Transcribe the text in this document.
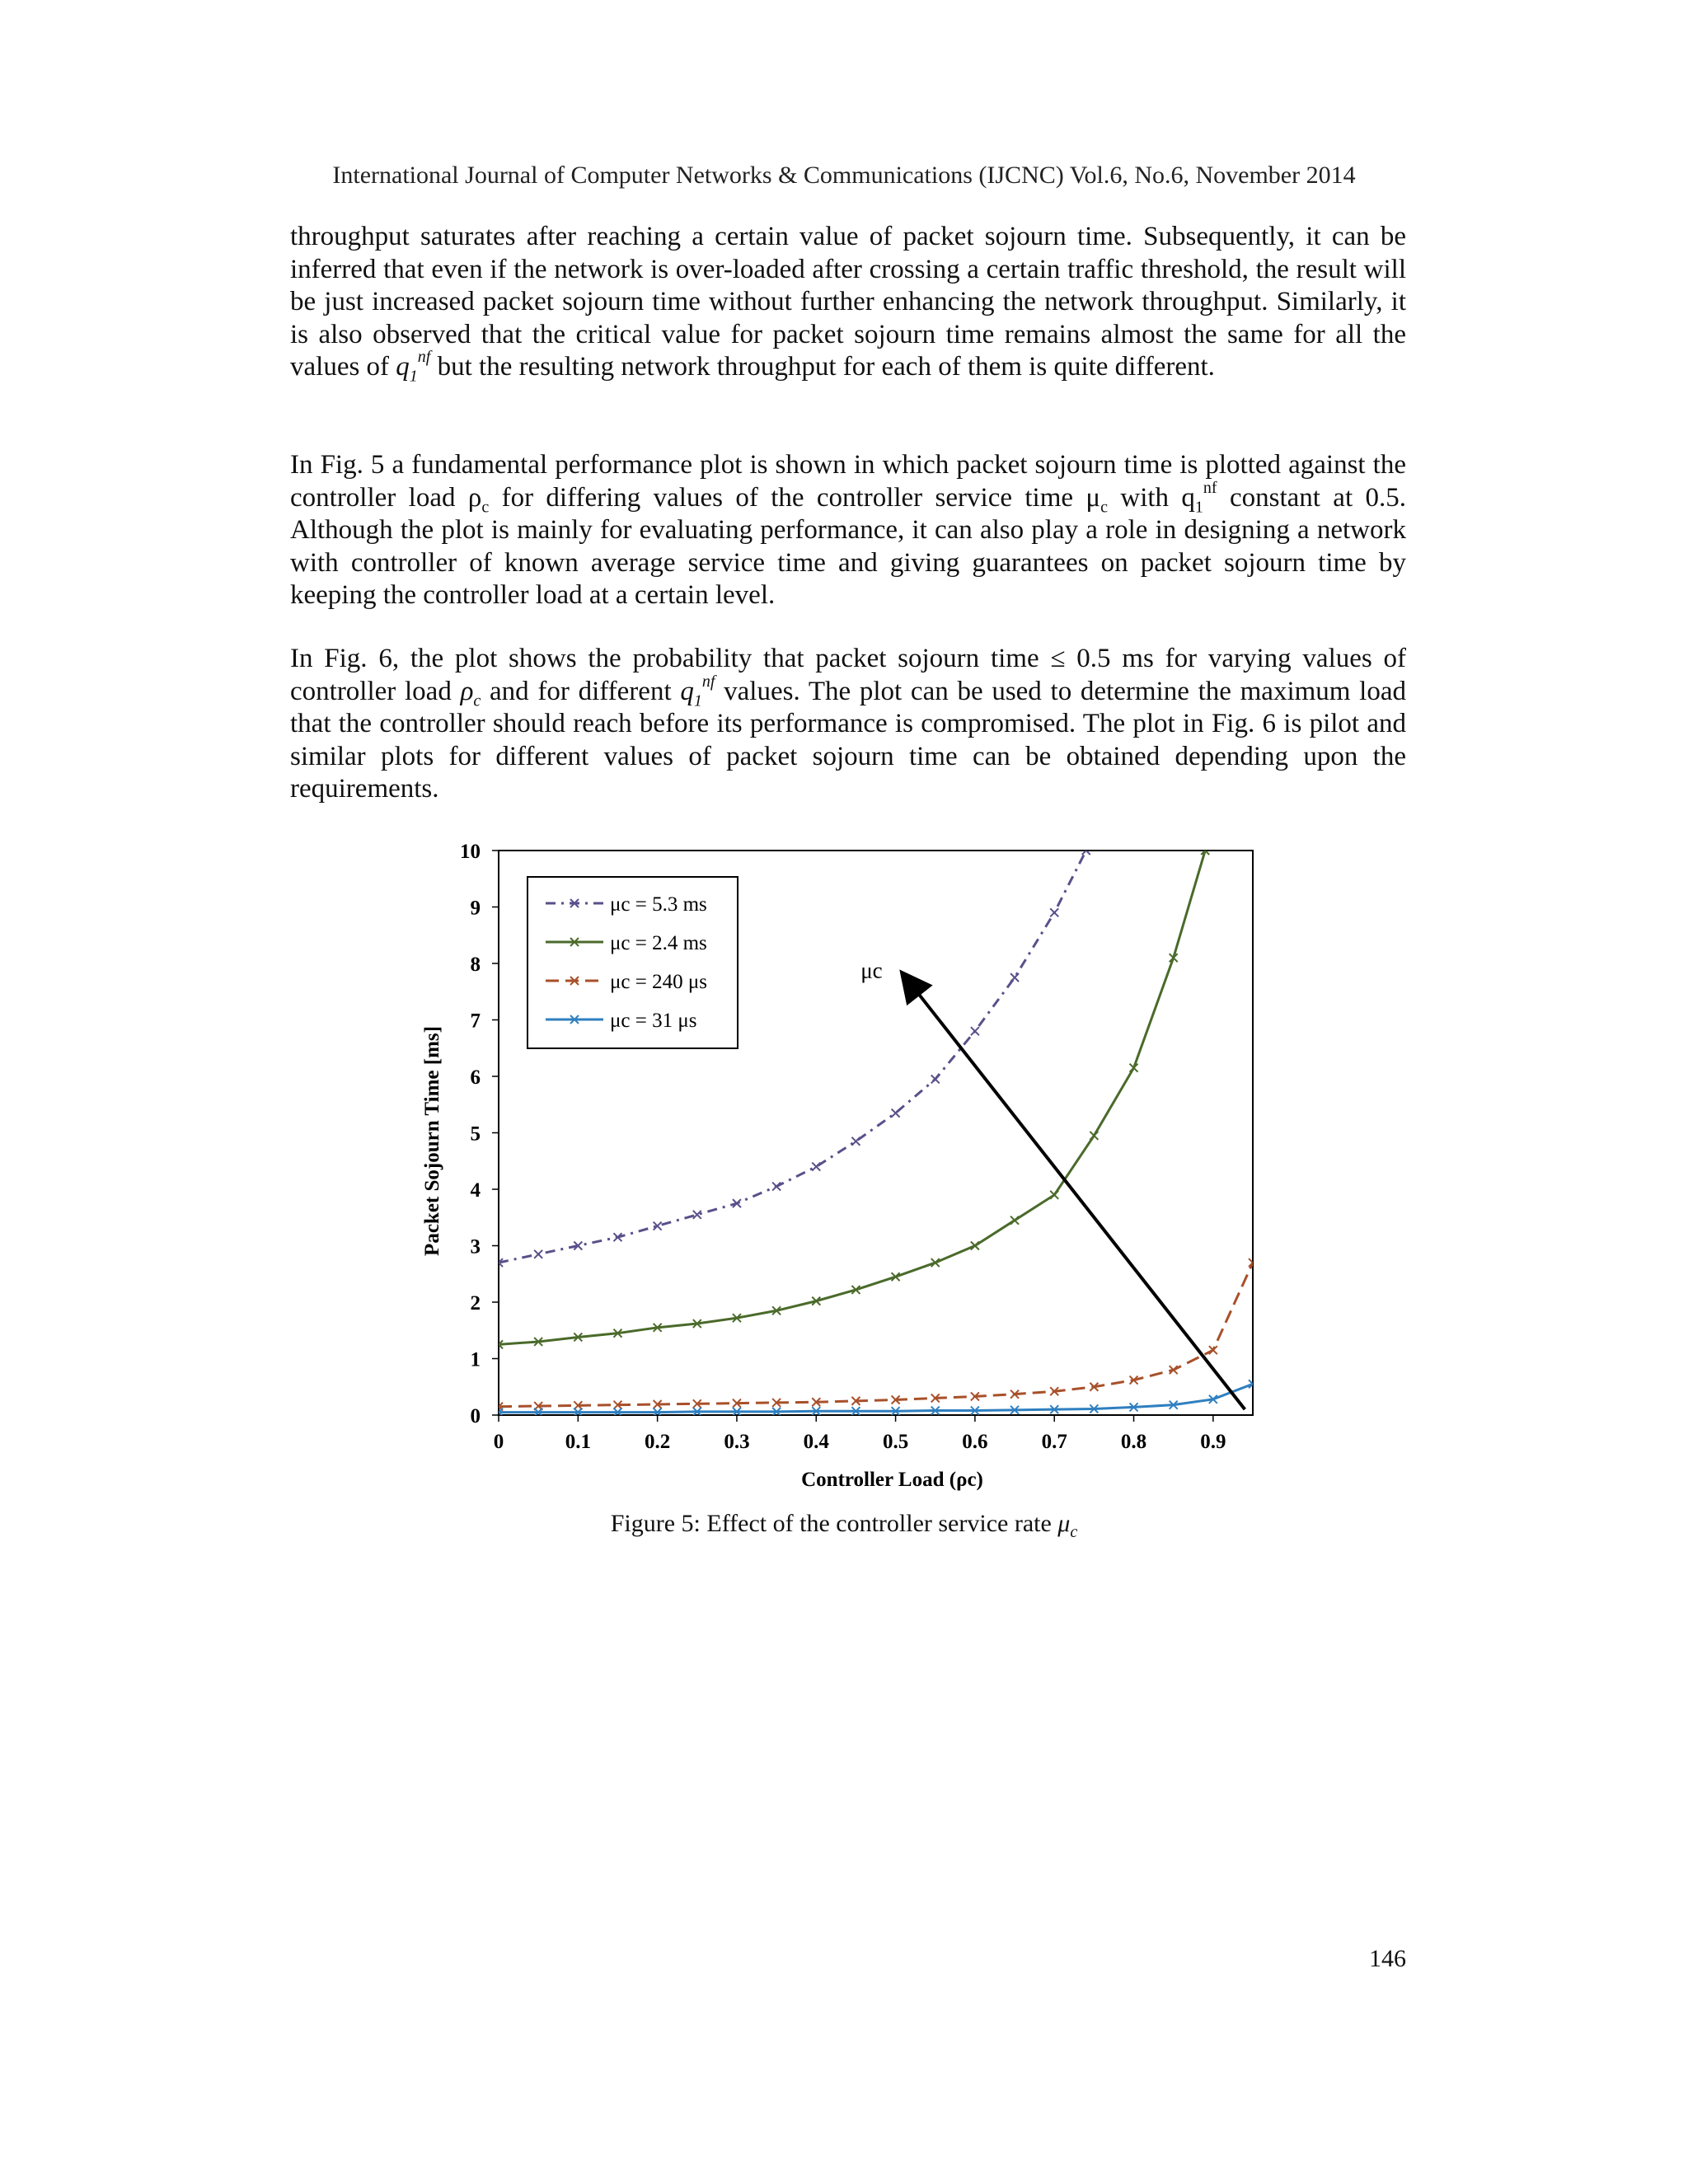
International Journal of Computer Networks & Communications (IJCNC) Vol.6, No.6, November 2014

throughput saturates after reaching a certain value of packet sojourn time. Subsequently, it can be inferred that even if the network is over-loaded after crossing a certain traffic threshold, the result will be just increased packet sojourn time without further enhancing the network throughput. Similarly, it is also observed that the critical value for packet sojourn time remains almost the same for all the values of $q_1^{nf}$ but the resulting network throughput for each of them is quite different.

In Fig. 5 a fundamental performance plot is shown in which packet sojourn time is plotted against the controller load $\rho_c$ for differing values of the controller service time $\mu_c$ with $q_1^{nf}$ constant at 0.5. Although the plot is mainly for evaluating performance, it can also play a role in designing a network with controller of known average service time and giving guarantees on packet sojourn time by keeping the controller load at a certain level.

In Fig. 6, the plot shows the probability that packet sojourn time ≤ 0.5 ms for varying values of controller load $\rho_c$ and for different $q_1^{nf}$ values. The plot can be used to determine the maximum load that the controller should reach before its performance is compromised. The plot in Fig. 6 is pilot and similar plots for different values of packet sojourn time can be obtained depending upon the requirements.

0
1
2
3
4
5
6
7
8
9
10
0	0.1	0.2	0.3	0.4	0.5	0.6	0.7	0.8	0.9
Controller Load (ρc)
Packet Sojourn Time [ms]
μc = 5.3 ms
μc = 2.4 ms
μc = 240 μs
μc = 31 μs
μc
Figure 5: Effect of the controller service rate $\mu_c$
146
